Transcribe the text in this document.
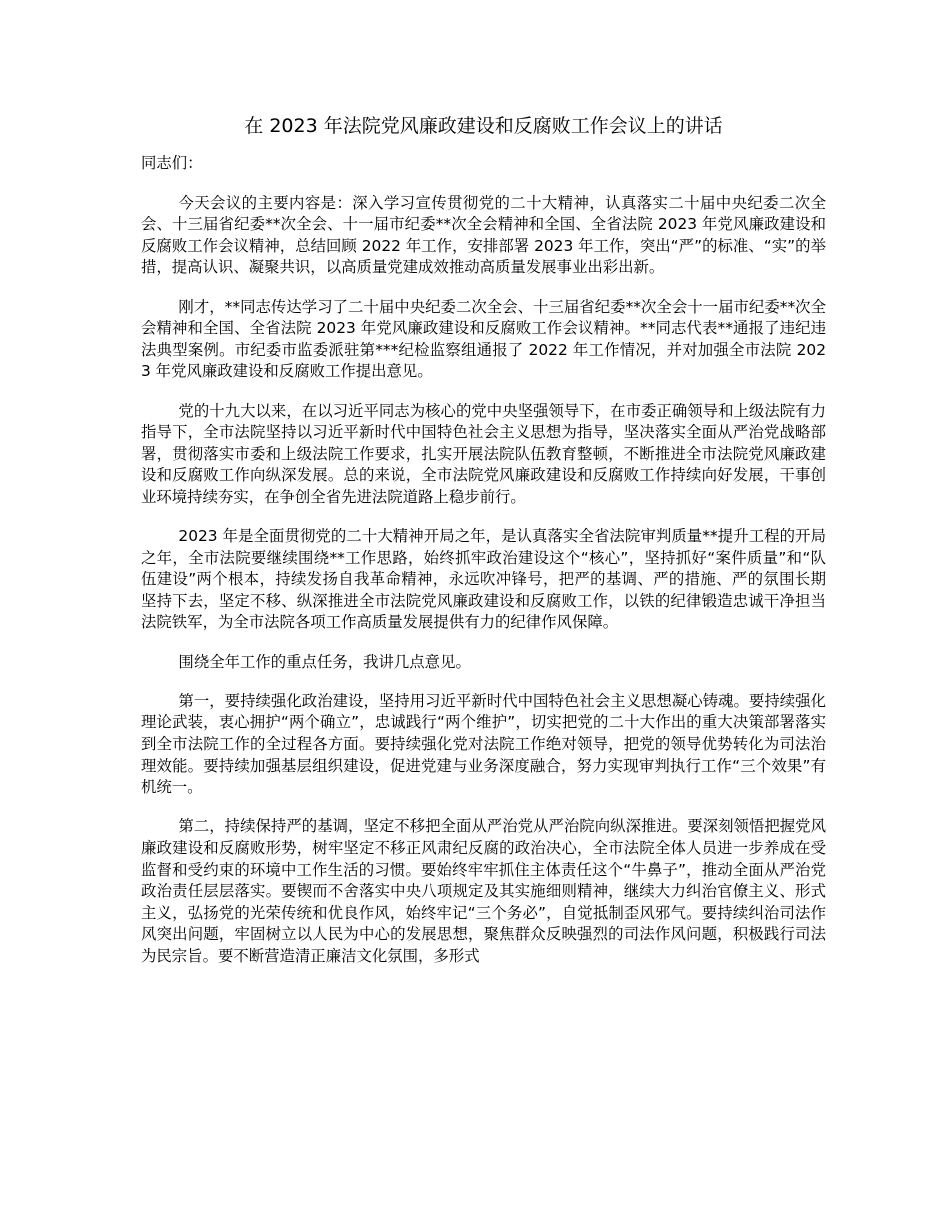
在 2023 年法院党风廉政建设和反腐败工作会议上的讲话

同志们：

今天会议的主要内容是：深入学习宣传贯彻党的二十大精神，认真落实二十届中央纪委二次全会、十三届省纪委**次全会、十一届市纪委**次全会精神和全国、全省法院 2023 年党风廉政建设和反腐败工作会议精神，总结回顾 2022 年工作，安排部署 2023 年工作，突出“严”的标准、“实”的举措，提高认识、凝聚共识，以高质量党建成效推动高质量发展事业出彩出新。

刚才，**同志传达学习了二十届中央纪委二次全会、十三届省纪委**次全会十一届市纪委**次全会精神和全国、全省法院 2023 年党风廉政建设和反腐败工作会议精神。**同志代表**通报了违纪违法典型案例。市纪委市监委派驻第***纪检监察组通报了 2022 年工作情况，并对加强全市法院 2023 年党风廉政建设和反腐败工作提出意见。

党的十九大以来，在以习近平同志为核心的党中央坚强领导下，在市委正确领导和上级法院有力指导下，全市法院坚持以习近平新时代中国特色社会主义思想为指导，坚决落实全面从严治党战略部署，贯彻落实市委和上级法院工作要求，扎实开展法院队伍教育整顿，不断推进全市法院党风廉政建设和反腐败工作向纵深发展。总的来说，全市法院党风廉政建设和反腐败工作持续向好发展，干事创业环境持续夯实，在争创全省先进法院道路上稳步前行。

2023 年是全面贯彻党的二十大精神开局之年，是认真落实全省法院审判质量**提升工程的开局之年，全市法院要继续围绕**工作思路，始终抓牢政治建设这个“核心”，坚持抓好“案件质量”和“队伍建设”两个根本，持续发扬自我革命精神，永远吹冲锋号，把严的基调、严的措施、严的氛围长期坚持下去，坚定不移、纵深推进全市法院党风廉政建设和反腐败工作，以铁的纪律锻造忠诚干净担当法院铁军，为全市法院各项工作高质量发展提供有力的纪律作风保障。

围绕全年工作的重点任务，我讲几点意见。

第一，要持续强化政治建设，坚持用习近平新时代中国特色社会主义思想凝心铸魂。要持续强化理论武装，衷心拥护“两个确立”，忠诚践行“两个维护”，切实把党的二十大作出的重大决策部署落实到全市法院工作的全过程各方面。要持续强化党对法院工作绝对领导，把党的领导优势转化为司法治理效能。要持续加强基层组织建设，促进党建与业务深度融合，努力实现审判执行工作“三个效果”有机统一。

第二，持续保持严的基调，坚定不移把全面从严治党从严治院向纵深推进。要深刻领悟把握党风廉政建设和反腐败形势，树牢坚定不移正风肃纪反腐的政治决心，全市法院全体人员进一步养成在受监督和受约束的环境中工作生活的习惯。要始终牢牢抓住主体责任这个“牛鼻子”，推动全面从严治党政治责任层层落实。要锲而不舍落实中央八项规定及其实施细则精神，继续大力纠治官僚主义、形式主义，弘扬党的光荣传统和优良作风，始终牢记“三个务必”，自觉抵制歪风邪气。要持续纠治司法作风突出问题，牢固树立以人民为中心的发展思想，聚焦群众反映强烈的司法作风问题，积极践行司法为民宗旨。要不断营造清正廉洁文化氛围，多形式
